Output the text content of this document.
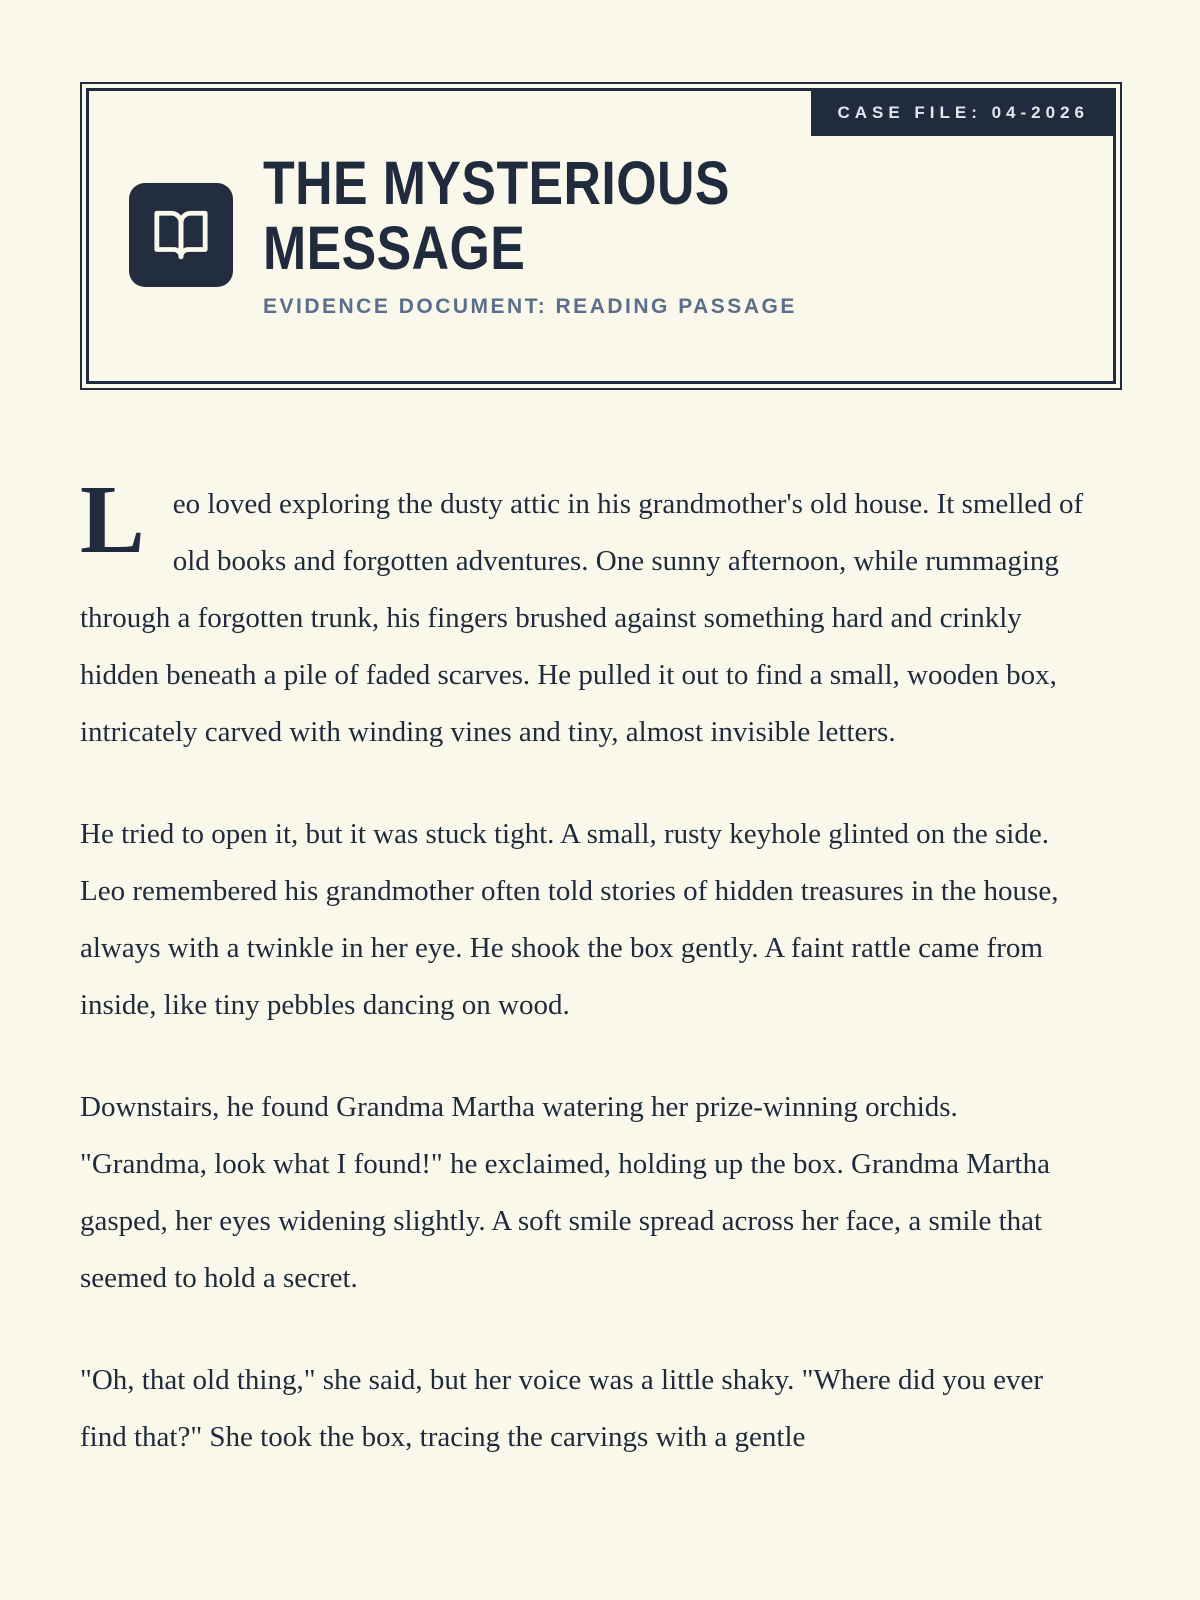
CASE FILE: 04-2026
THE MYSTERIOUS
MESSAGE
EVIDENCE DOCUMENT: READING PASSAGE

Leo loved exploring the dusty attic in his grandmother's old house. It smelled of old books and forgotten adventures. One sunny afternoon, while rummaging through a forgotten trunk, his fingers brushed against something hard and crinkly hidden beneath a pile of faded scarves. He pulled it out to find a small, wooden box, intricately carved with winding vines and tiny, almost invisible letters.

He tried to open it, but it was stuck tight. A small, rusty keyhole glinted on the side. Leo remembered his grandmother often told stories of hidden treasures in the house, always with a twinkle in her eye. He shook the box gently. A faint rattle came from inside, like tiny pebbles dancing on wood.

Downstairs, he found Grandma Martha watering her prize-winning orchids. "Grandma, look what I found!" he exclaimed, holding up the box. Grandma Martha gasped, her eyes widening slightly. A soft smile spread across her face, a smile that seemed to hold a secret.

"Oh, that old thing," she said, but her voice was a little shaky. "Where did you ever find that?" She took the box, tracing the carvings with a gentle
